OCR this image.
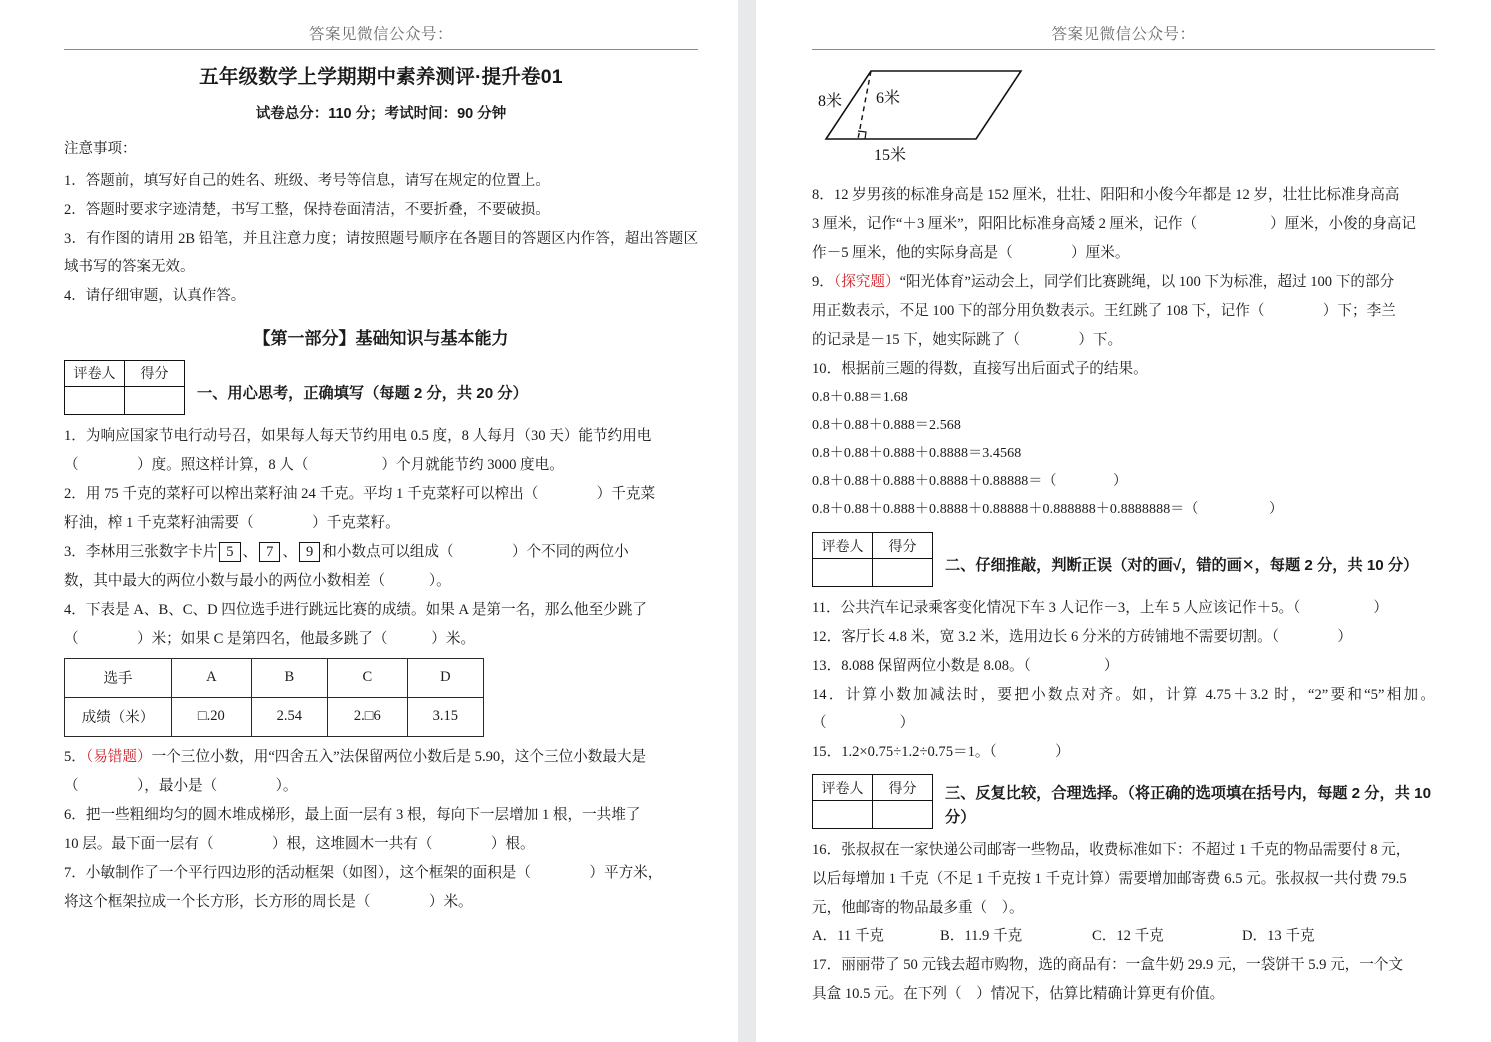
答案见微信公众号：
五年级数学上学期期中素养测评·提升卷01
试卷总分：110 分；考试时间：90 分钟
注意事项：
1．答题前，填写好自己的姓名、班级、考号等信息，请写在规定的位置上。
2．答题时要求字迹清楚，书写工整，保持卷面清洁，不要折叠，不要破损。
3．有作图的请用 2B 铅笔，并且注意力度；请按照题号顺序在各题目的答题区内作答，超出答题区域书写的答案无效。
4．请仔细审题，认真作答。
【第一部分】基础知识与基本能力
评卷人	得分

一、用心思考，正确填写（每题 2 分，共 20 分）
1．为响应国家节电行动号召，如果每人每天节约用电 0.5 度，8 人每月（30 天）能节约用电
（　　　　）度。照这样计算，8 人（　　　　　）个月就能节约 3000 度电。
2．用 75 千克的菜籽可以榨出菜籽油 24 千克。平均 1 千克菜籽可以榨出（　　　　）千克菜
籽油，榨 1 千克菜籽油需要（　　　　）千克菜籽。
3．李林用三张数字卡片 5 、 7 、 9 和小数点可以组成（　　　　）个不同的两位小
数，其中最大的两位小数与最小的两位小数相差（　　　）。
4．下表是 A、B、C、D 四位选手进行跳远比赛的成绩。如果 A 是第一名，那么他至少跳了
（　　　　）米；如果 C 是第四名，他最多跳了（　　　）米。
选手	A	B	C	D
成绩（米）	□.20	2.54	2.□6	3.15
5．（易错题）一个三位小数，用“四舍五入”法保留两位小数后是 5.90，这个三位小数最大是
（　　　　），最小是（　　　　）。
6．把一些粗细均匀的圆木堆成梯形，最上面一层有 3 根，每向下一层增加 1 根，一共堆了
10 层。最下面一层有（　　　　）根，这堆圆木一共有（　　　　）根。
7．小敏制作了一个平行四边形的活动框架（如图），这个框架的面积是（　　　　）平方米，
将这个框架拉成一个长方形，长方形的周长是（　　　　）米。
答案见微信公众号：
8米 6米
15米
8．12 岁男孩的标准身高是 152 厘米，壮壮、阳阳和小俊今年都是 12 岁，壮壮比标准身高高
3 厘米，记作“＋3 厘米”，阳阳比标准身高矮 2 厘米，记作（　　　　　）厘米，小俊的身高记
作－5 厘米，他的实际身高是（　　　　）厘米。
9．（探究题）“阳光体育”运动会上，同学们比赛跳绳，以 100 下为标准，超过 100 下的部分
用正数表示，不足 100 下的部分用负数表示。王红跳了 108 下，记作（　　　　）下；李兰
的记录是－15 下，她实际跳了（　　　　）下。
10．根据前三题的得数，直接写出后面式子的结果。
0.8＋0.88＝1.68
0.8＋0.88＋0.888＝2.568
0.8＋0.88＋0.888＋0.8888＝3.4568
0.8＋0.88＋0.888＋0.8888＋0.88888＝（　　　　）
0.8＋0.88＋0.888＋0.8888＋0.88888＋0.888888＋0.8888888＝（　　　　　）
评卷人	得分

二、仔细推敲，判断正误（对的画√，错的画✕，每题 2 分，共 10 分）
11．公共汽车记录乘客变化情况下车 3 人记作－3，上车 5 人应该记作＋5。（　　　　　）
12．客厅长 4.8 米，宽 3.2 米，选用边长 6 分米的方砖铺地不需要切割。（　　　　）
13．8.088 保留两位小数是 8.08。（　　　　　）
14．计算小数加减法时，要把小数点对齐。如，计算 4.75＋3.2 时，“2”要和“5”相加。（　　　　　）
15．1.2×0.75÷1.2÷0.75＝1。（　　　　）
评卷人	得分
	三、反复比较，合理选择。（将正确的选项填在括号内，每题 2 分，共 10 分）
16．张叔叔在一家快递公司邮寄一些物品，收费标准如下：不超过 1 千克的物品需要付 8 元，
以后每增加 1 千克（不足 1 千克按 1 千克计算）需要增加邮寄费 6.5 元。张叔叔一共付费 79.5
元，他邮寄的物品最多重（　）。
A．11 千克	B．11.9 千克	C．12 千克	D．13 千克
17．丽丽带了 50 元钱去超市购物，选的商品有：一盒牛奶 29.9 元，一袋饼干 5.9 元，一个文
具盒 10.5 元。在下列（　）情况下，估算比精确计算更有价值。
